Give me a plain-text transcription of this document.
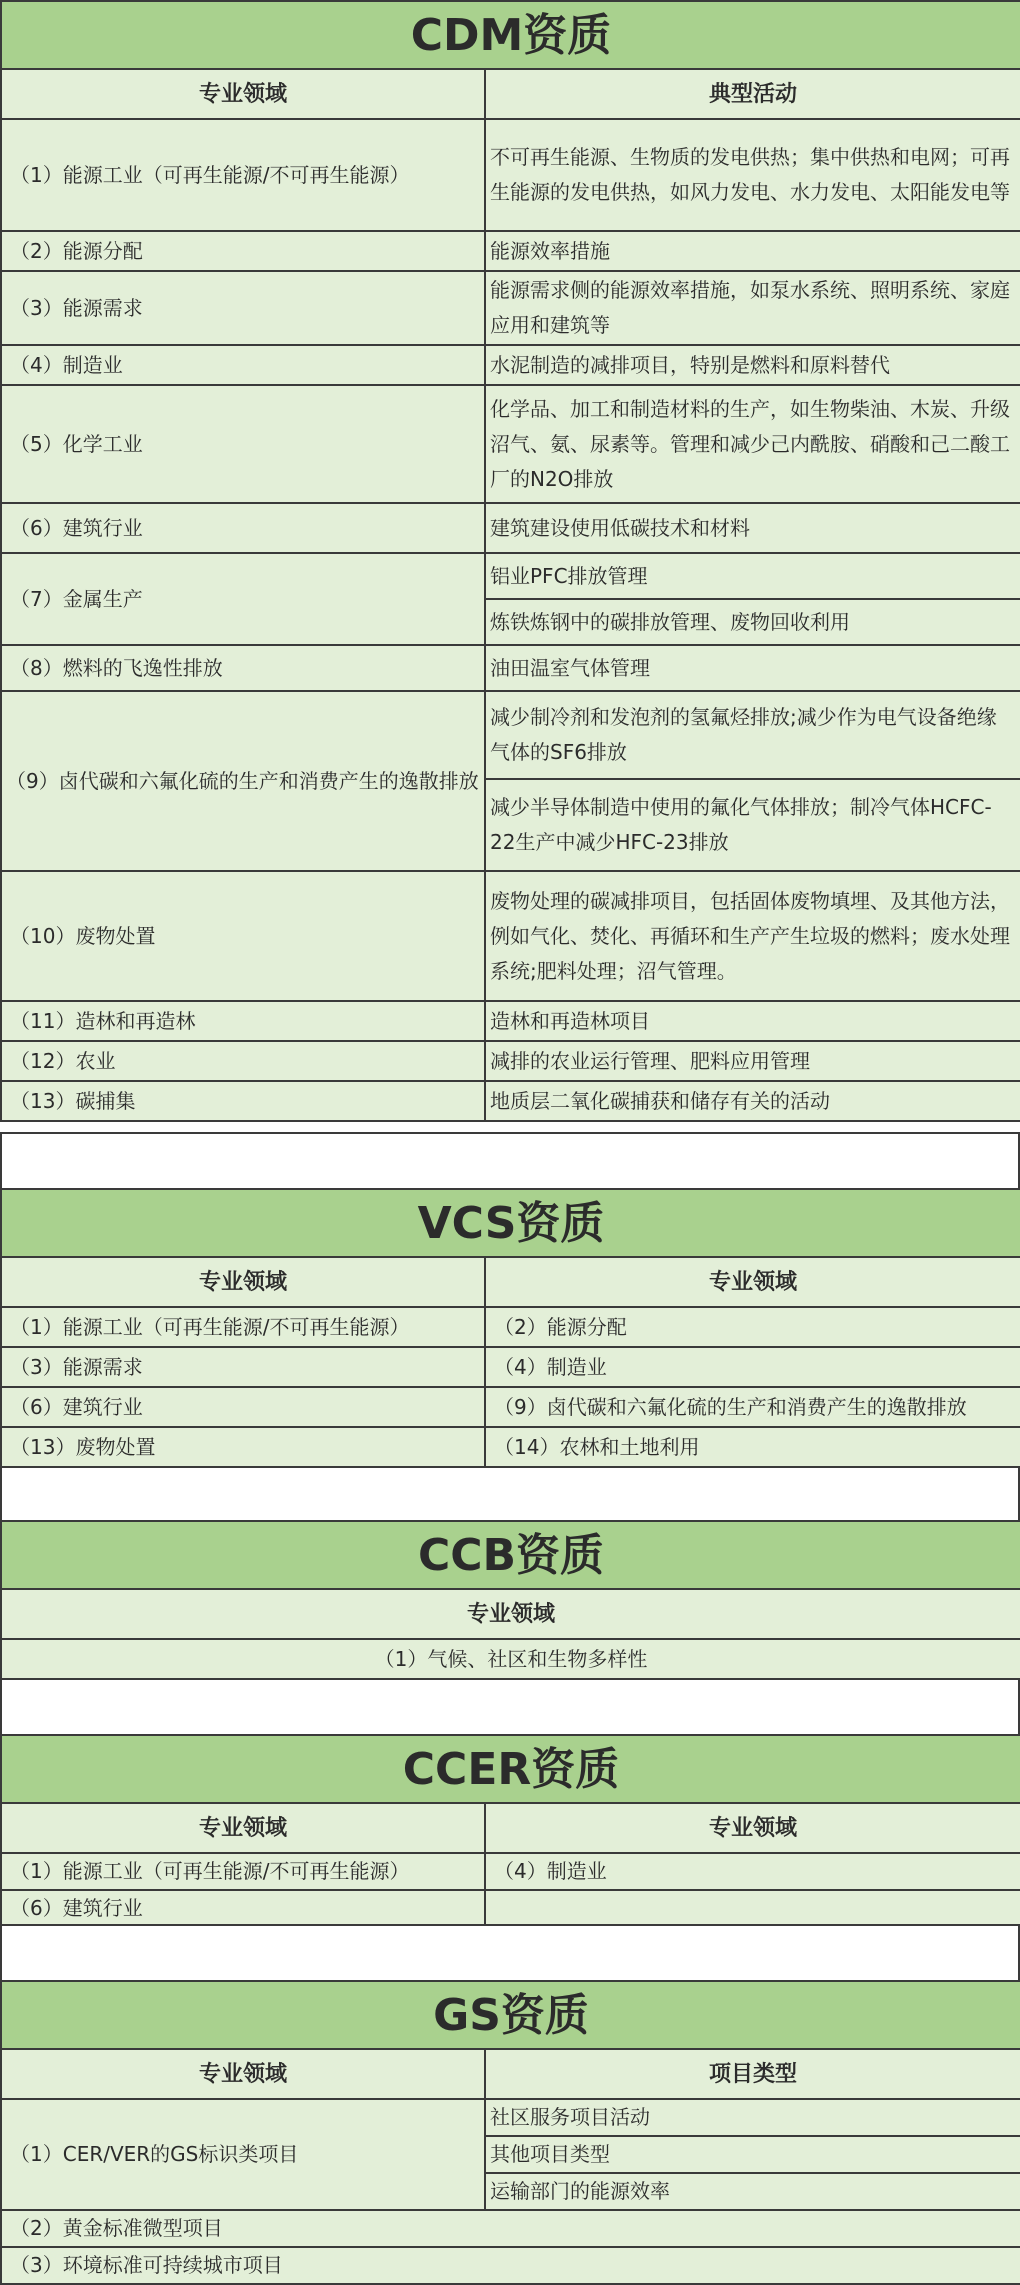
CDM资质	
专业领域	典型活动
（1）能源工业（可再生能源/不可再生能源）	不可再生能源、生物质的发电供热；集中供热和电网；可再生能源的发电供热，如风力发电、水力发电、太阳能发电等
（2）能源分配	能源效率措施
（3）能源需求	能源需求侧的能源效率措施，如泵水系统、照明系统、家庭应用和建筑等
（4）制造业	水泥制造的减排项目，特别是燃料和原料替代
（5）化学工业	化学品、加工和制造材料的生产，如生物柴油、木炭、升级沼气、氨、尿素等。管理和减少己内酰胺、硝酸和己二酸工厂的N2O排放
（6）建筑行业	建筑建设使用低碳技术和材料
（7）金属生产	铝业PFC排放管理
	炼铁炼钢中的碳排放管理、废物回收利用
（8）燃料的飞逸性排放	油田温室气体管理
（9）卤代碳和六氟化硫的生产和消费产生的逸散排放	减少制冷剂和发泡剂的氢氟烃排放;减少作为电气设备绝缘气体的SF6排放
	减少半导体制造中使用的氟化气体排放；制冷气体HCFC-22生产中减少HFC-23排放
（10）废物处置	废物处理的碳减排项目，包括固体废物填埋、及其他方法，例如气化、焚化、再循环和生产产生垃圾的燃料；废水处理系统;肥料处理；沼气管理。
（11）造林和再造林	造林和再造林项目
（12）农业	减排的农业运行管理、肥料应用管理
（13）碳捕集	地质层二氧化碳捕获和储存有关的活动
VCS资质	
专业领域	专业领域
（1）能源工业（可再生能源/不可再生能源）	（2）能源分配
（3）能源需求	（4）制造业
（6）建筑行业	（9）卤代碳和六氟化硫的生产和消费产生的逸散排放
（13）废物处置	（14）农林和土地利用
CCB资质
专业领域
（1）气候、社区和生物多样性
CCER资质	
专业领域	专业领域
（1）能源工业（可再生能源/不可再生能源）	（4）制造业
（6）建筑行业	
GS资质	
专业领域	项目类型
（1）CER/VER的GS标识类项目	社区服务项目活动
	其他项目类型
	运输部门的能源效率
（2）黄金标准微型项目	
（3）环境标准可持续城市项目	
